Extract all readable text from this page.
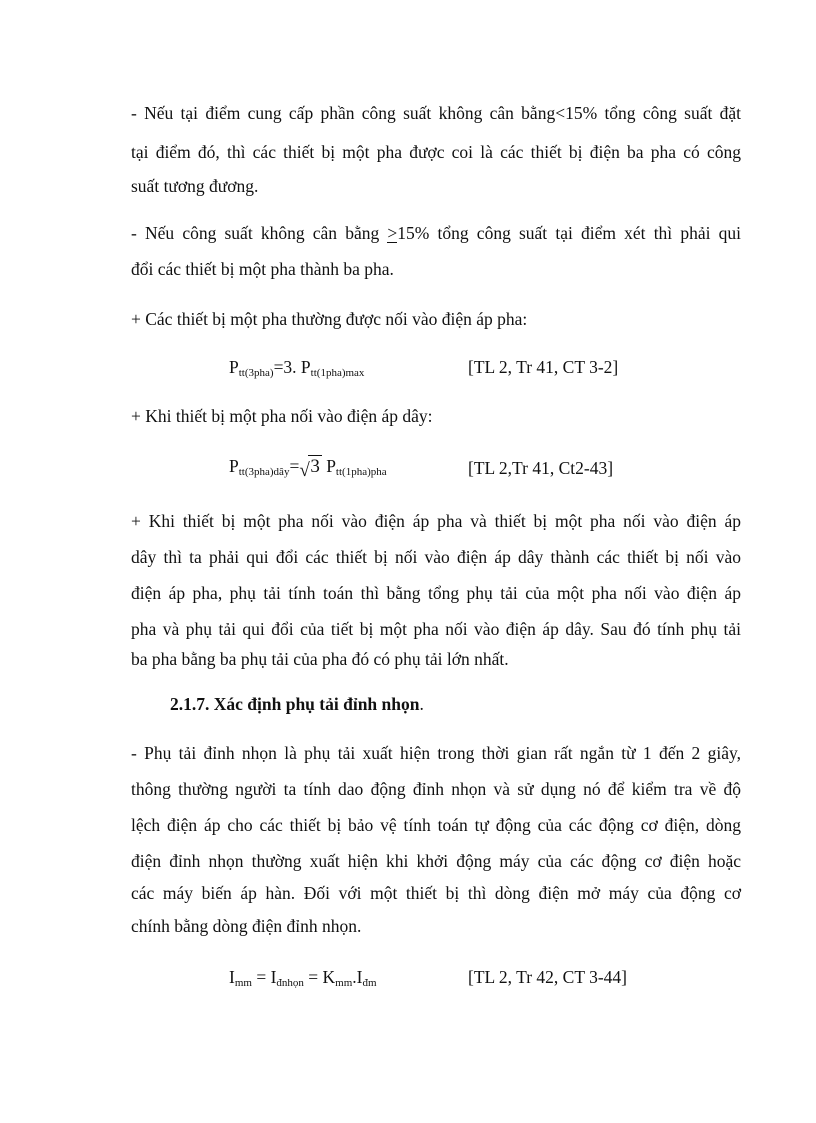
- Nếu tại điểm cung cấp phần công suất không cân bằng<15% tổng công suất đặt
tại điểm đó, thì các thiết bị một pha được coi là các thiết bị điện ba pha có công
suất tương đương.
- Nếu công suất không cân bằng >
15% tổng công suất tại điểm xét thì phải qui
đổi các thiết bị một pha thành ba pha.
+ Các thiết bị một pha thường được nối vào điện áp pha:
$P_{tt(3pha)}=3$. $P_{tt(1pha)max}$	[TL 2, Tr 41, CT 3-2]
+ Khi thiết bị một pha nối vào điện áp dây:
$P_{tt(3pha)dây}=$ √ 3 $P_{tt(1pha)pha}$	[TL 2,Tr 41, Ct2-43]
+ Khi thiết bị một pha nối vào điện áp pha và thiết bị một pha nối vào điện áp
dây thì ta phải qui đổi các thiết bị nối vào điện áp dây thành các thiết bị nối vào
điện áp pha, phụ tải tính toán thì bằng tổng phụ tải của một pha nối vào điện áp
pha và phụ tải qui đổi của tiết bị một pha nối vào điện áp dây. Sau đó tính phụ tải
ba pha bằng ba phụ tải của pha đó có phụ tải lớn nhất.
2.1.7. Xác định phụ tải đỉnh nhọn.
- Phụ tải đỉnh nhọn là phụ tải xuất hiện trong thời gian rất ngắn từ 1 đến 2 giây,
thông thường người ta tính dao động đỉnh nhọn và sử dụng nó để kiểm tra về độ
lệch điện áp cho các thiết bị bảo vệ tính toán tự động của các động cơ điện, dòng
điện đỉnh nhọn thường xuất hiện khi khởi động máy của các động cơ điện hoặc
các máy biến áp hàn. Đối với một thiết bị thì dòng điện mở máy của động cơ
chính bằng dòng điện đỉnh nhọn.
$I_{mm} = I_{đnhọn} = K_{mm}.I_{đm}$	[TL 2, Tr 42, CT 3-44]
